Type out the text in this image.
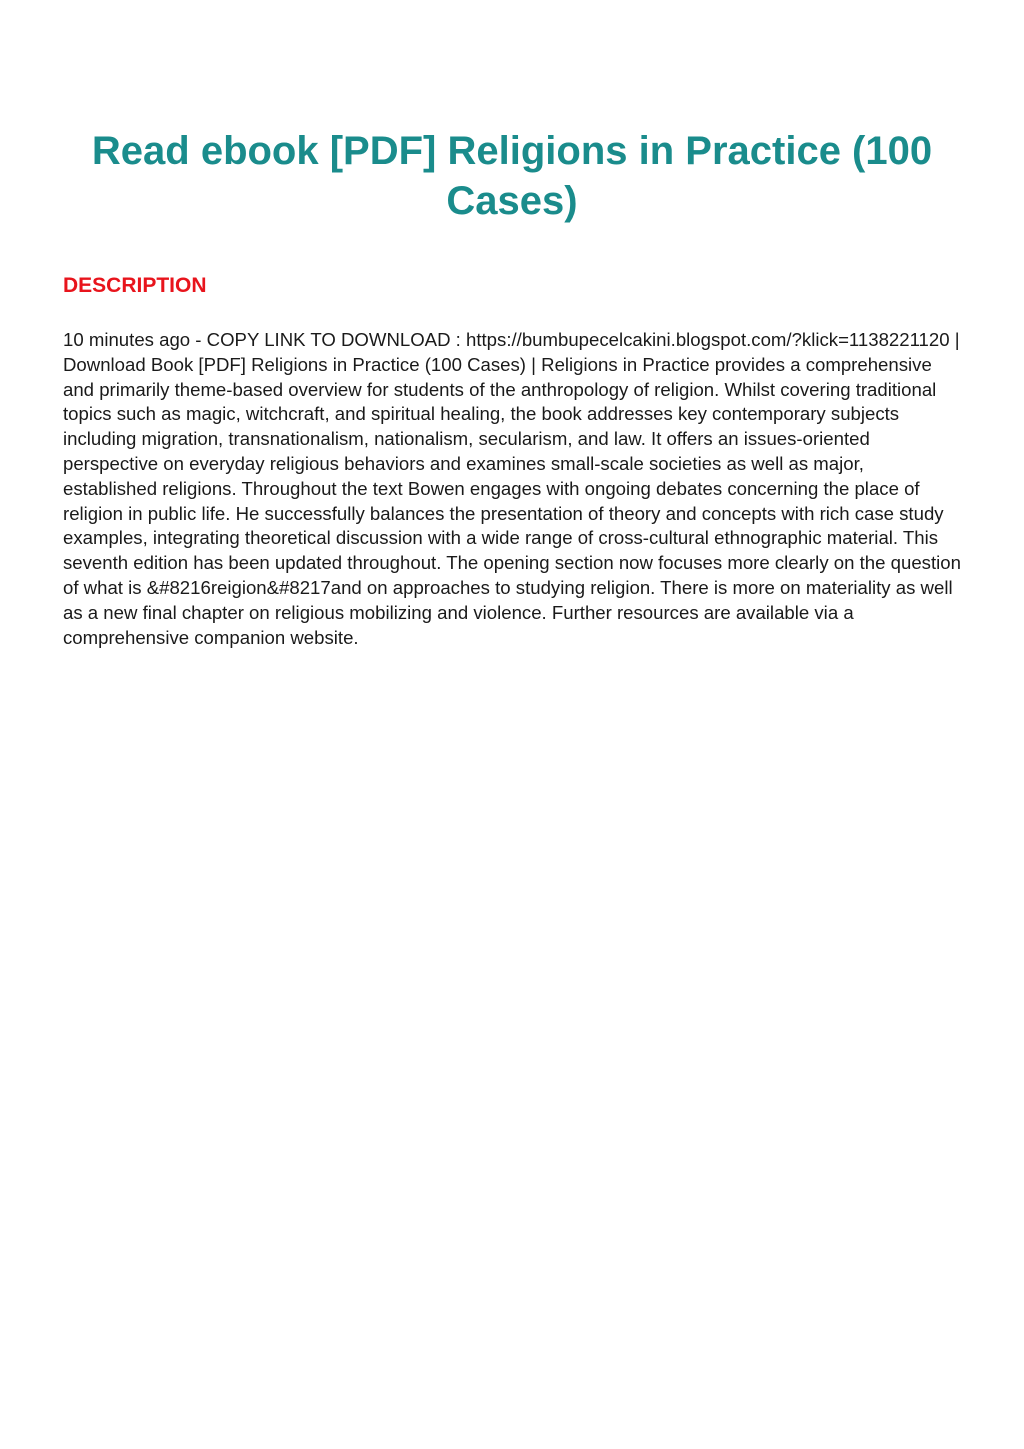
Read ebook [PDF] Religions in Practice (100 Cases)
DESCRIPTION

10 minutes ago - COPY LINK TO DOWNLOAD : https://bumbupecelcakini.blogspot.com/?klick=1138221120 | Download Book [PDF] Religions in Practice (100 Cases) | Religions in Practice provides a comprehensive and primarily theme-based overview for students of the anthropology of religion. Whilst covering traditional topics such as magic, witchcraft, and spiritual healing, the book addresses key contemporary subjects including migration, transnationalism, nationalism, secularism, and law. It offers an issues-oriented perspective on everyday religious behaviors and examines small-scale societies as well as major, established religions. Throughout the text Bowen engages with ongoing debates concerning the place of religion in public life. He successfully balances the presentation of theory and concepts with rich case study examples, integrating theoretical discussion with a wide range of cross-cultural ethnographic material. This seventh edition has been updated throughout. The opening section now focuses more clearly on the question of what is &#8216reigion&#8217and on approaches to studying religion. There is more on materiality as well as a new final chapter on religious mobilizing and violence. Further resources are available via a comprehensive companion website.
